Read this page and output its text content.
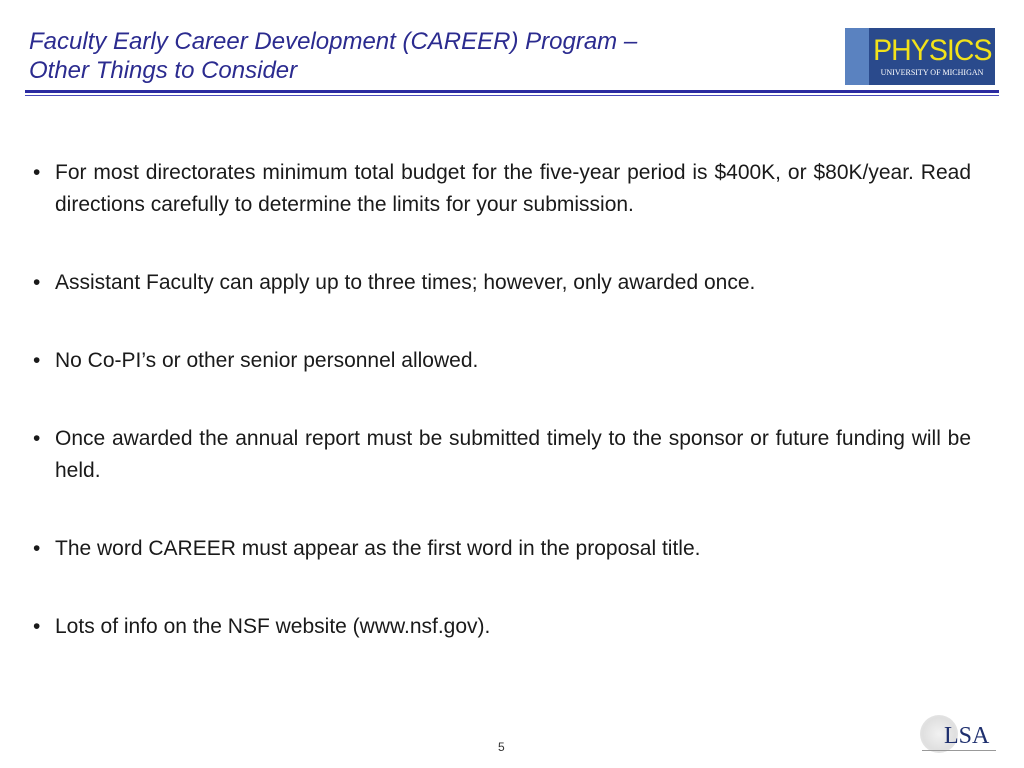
Faculty Early Career Development (CAREER) Program –
Other Things to Consider
PHYSICS
UNIVERSITY OF MICHIGAN
• For most directorates minimum total budget for the five-year period is $400K, or $80K/year. Read directions carefully to determine the limits for your submission.
• Assistant Faculty can apply up to three times; however, only awarded once.
• No Co-PI’s or other senior personnel allowed.
• Once awarded the annual report must be submitted timely to the sponsor or future funding will be held.
• The word CAREER must appear as the first word in the proposal title.
• Lots of info on the NSF website (www.nsf.gov).
5	LSA
